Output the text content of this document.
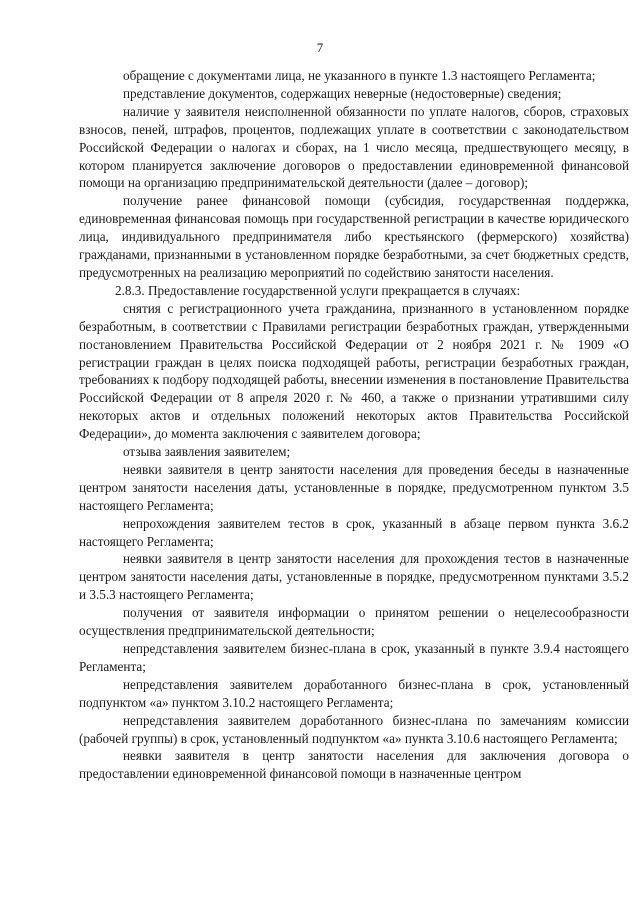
7

обращение с документами лица, не указанного в пункте 1.3 настоящего Регламента;

представление документов, содержащих неверные (недостоверные) сведения;

наличие у заявителя неисполненной обязанности по уплате налогов, сборов, страховых взносов, пеней, штрафов, процентов, подлежащих уплате в соответствии с законодательством Российской Федерации о налогах и сборах, на 1 число месяца, предшествующего месяцу, в котором планируется заключение договоров о предоставлении единовременной финансовой помощи на организацию предпринимательской деятельности (далее – договор);

получение ранее финансовой помощи (субсидия, государственная поддержка, единовременная финансовая помощь при государственной регистрации в качестве юридического лица, индивидуального предпринимателя либо крестьянского (фермерского) хозяйства) гражданами, признанными в установленном порядке безработными, за счет бюджетных средств, предусмотренных на реализацию мероприятий по содействию занятости населения.

2.8.3. Предоставление государственной услуги прекращается в случаях:

снятия с регистрационного учета гражданина, признанного в установленном порядке безработным, в соответствии с Правилами регистрации безработных граждан, утвержденными постановлением Правительства Российской Федерации от 2 ноября 2021 г. № 1909 «О регистрации граждан в целях поиска подходящей работы, регистрации безработных граждан, требованиях к подбору подходящей работы, внесении изменения в постановление Правительства Российской Федерации от 8 апреля 2020 г. № 460, а также о признании утратившими силу некоторых актов и отдельных положений некоторых актов Правительства Российской Федерации», до момента заключения с заявителем договора;

отзыва заявления заявителем;

неявки заявителя в центр занятости населения для проведения беседы в назначенные центром занятости населения даты, установленные в порядке, предусмотренном пунктом 3.5 настоящего Регламента;

непрохождения заявителем тестов в срок, указанный в абзаце первом пункта 3.6.2 настоящего Регламента;

неявки заявителя в центр занятости населения для прохождения тестов в назначенные центром занятости населения даты, установленные в порядке, предусмотренном пунктами 3.5.2 и 3.5.3 настоящего Регламента;

получения от заявителя информации о принятом решении о нецелесообразности осуществления предпринимательской деятельности;

непредставления заявителем бизнес-плана в срок, указанный в пункте 3.9.4 настоящего Регламента;

непредставления заявителем доработанного бизнес-плана в срок, установленный подпунктом «а» пунктом 3.10.2 настоящего Регламента;

непредставления заявителем доработанного бизнес-плана по замечаниям комиссии (рабочей группы) в срок, установленный подпунктом «а» пункта 3.10.6 настоящего Регламента;

неявки заявителя в центр занятости населения для заключения договора о предоставлении единовременной финансовой помощи в назначенные центром
